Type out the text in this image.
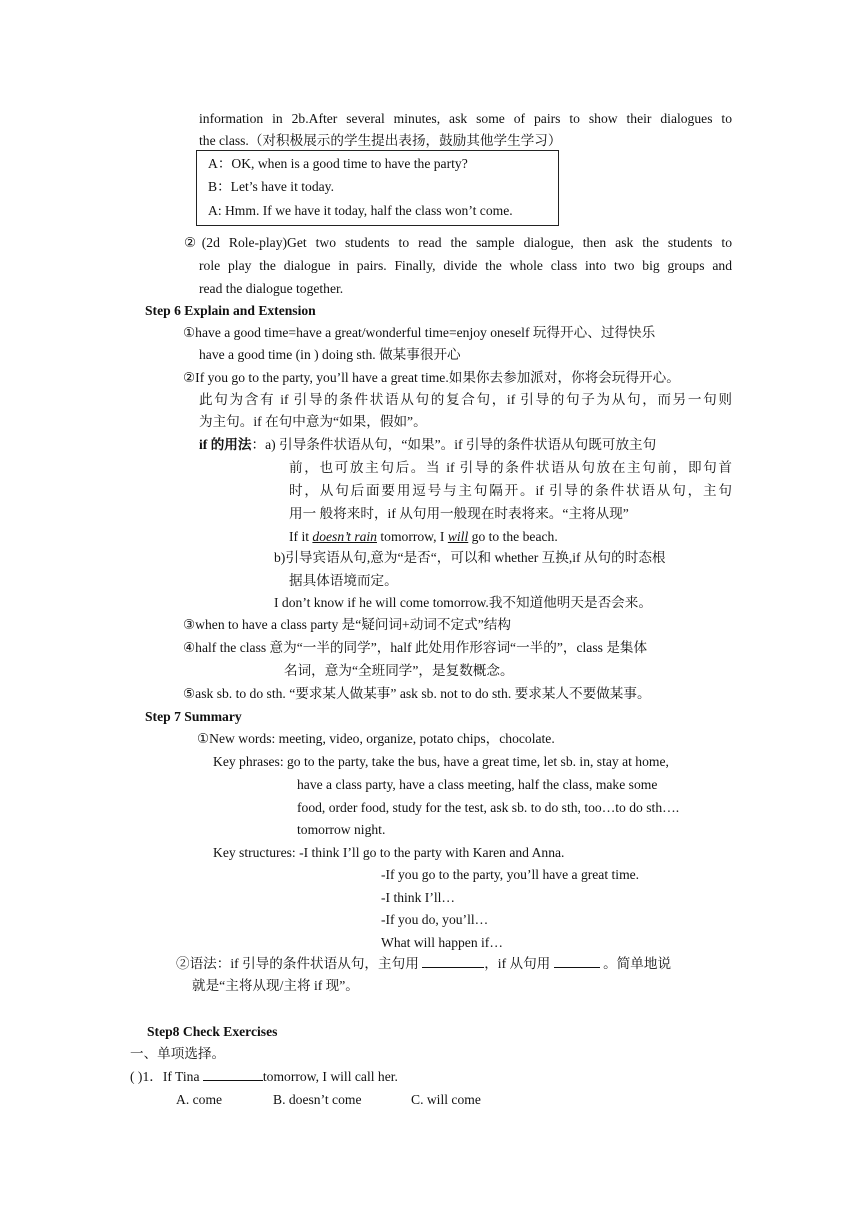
information in 2b.After several minutes, ask some of pairs to show their dialogues to
the class.（对积极展示的学生提出表扬，鼓励其他学生学习）
A：OK, when is a good time to have the party?
B：Let’s have it today.
A: Hmm. If we have it today, half the class won’t come.
②(2d Role-play)Get two students to read the sample dialogue, then ask the students to
role play the dialogue in pairs. Finally, divide the whole class into two big groups and
read the dialogue together.
Step 6 Explain and Extension
①have a good time=have a great/wonderful time=enjoy oneself 玩得开心、过得快乐
have a good time (in ) doing sth. 做某事很开心
②If you go to the party, you’ll have a great time.如果你去参加派对，你将会玩得开心。
此句为含有 if 引导的条件状语从句的复合句，if 引导的句子为从句，而另一句则
为主句。if 在句中意为“如果，假如”。
if 的用法：a) 引导条件状语从句，“如果”。if 引导的条件状语从句既可放主句
前，也可放主句后。当 if 引导的条件状语从句放在主句前，即句首
时，从句后面要用逗号与主句隔开。if 引导的条件状语从句，主句
用一 般将来时，if 从句用一般现在时表将来。“主将从现”
If it doesn’t rain tomorrow, I will go to the beach.
b)引导宾语从句,意为“是否“，可以和 whether 互换,if 从句的时态根
据具体语境而定。
I don’t know if he will come tomorrow.我不知道他明天是否会来。
③when to have a class party 是“疑问词+动词不定式”结构
④half the class 意为“一半的同学”，half 此处用作形容词“一半的”，class 是集体
名词，意为“全班同学”，是复数概念。
⑤ask sb. to do sth. “要求某人做某事” ask sb. not to do sth. 要求某人不要做某事。
Step 7 Summary
①New words: meeting, video, organize, potato chips，chocolate.
Key phrases: go to the party, take the bus, have a great time, let sb. in, stay at home,
have a class party, have a class meeting, half the class, make some
food, order food, study for the test, ask sb. to do sth, too…to do sth….
tomorrow night.
Key structures: -I think I’ll go to the party with Karen and Anna.
-If you go to the party, you’ll have a great time.
-I think I’ll…
-If you do, you’ll…
What will happen if…
②语法：if 引导的条件状语从句，主句用	，if 从句用	。简单地说
就是“主将从现/主将 if 现”。
Step8 Check Exercises
一、单项选择。
( )1．If Tina	tomorrow, I will call her.
A. come	B. doesn’t come	C. will come
